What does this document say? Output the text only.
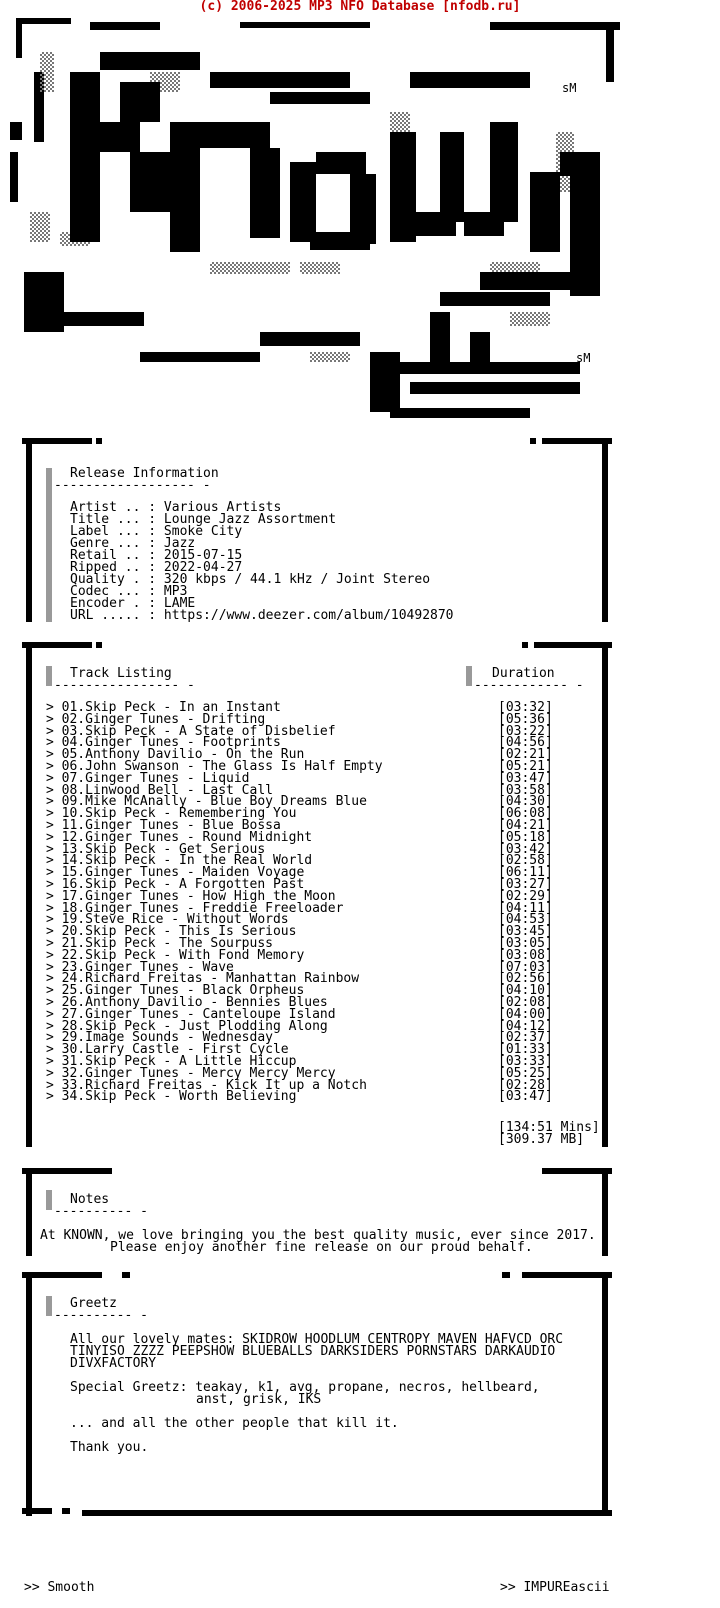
(c) 2006-2025 MP3 NFO Database [nfodb.ru]
sM
sM
Release Information
------------------ -
Artist .. : Various Artists
Title ... : Lounge Jazz Assortment
Label ... : Smoke City
Genre ... : Jazz
Retail .. : 2015-07-15
Ripped .. : 2022-04-27
Quality . : 320 kbps / 44.1 kHz / Joint Stereo
Codec ... : MP3
Encoder . : LAME
URL ..... : https://www.deezer.com/album/10492870
Track Listing
---------------- -
Duration
------------ -
> 01.Skip Peck - In an Instant	[03:32]
> 02.Ginger Tunes - Drifting	[05:36]
> 03.Skip Peck - A State of Disbelief	[03:22]
> 04.Ginger Tunes - Footprints	[04:56]
> 05.Anthony Davilio - On the Run	[02:21]
> 06.John Swanson - The Glass Is Half Empty	[05:21]
> 07.Ginger Tunes - Liquid	[03:47]
> 08.Linwood Bell - Last Call	[03:58]
> 09.Mike McAnally - Blue Boy Dreams Blue	[04:30]
> 10.Skip Peck - Remembering You	[06:08]
> 11.Ginger Tunes - Blue Bossa	[04:21]
> 12.Ginger Tunes - Round Midnight	[05:18]
> 13.Skip Peck - Get Serious	[03:42]
> 14.Skip Peck - In the Real World	[02:58]
> 15.Ginger Tunes - Maiden Voyage	[06:11]
> 16.Skip Peck - A Forgotten Past	[03:27]
> 17.Ginger Tunes - How High the Moon	[02:29]
> 18.Ginger Tunes - Freddie Freeloader	[04:11]
> 19.Steve Rice - Without Words	[04:53]
> 20.Skip Peck - This Is Serious	[03:45]
> 21.Skip Peck - The Sourpuss	[03:05]
> 22.Skip Peck - With Fond Memory	[03:08]
> 23.Ginger Tunes - Wave	[07:03]
> 24.Richard Freitas - Manhattan Rainbow	[02:56]
> 25.Ginger Tunes - Black Orpheus	[04:10]
> 26.Anthony Davilio - Bennies Blues	[02:08]
> 27.Ginger Tunes - Canteloupe Island	[04:00]
> 28.Skip Peck - Just Plodding Along	[04:12]
> 29.Image Sounds - Wednesday	[02:37]
> 30.Larry Castle - First Cycle	[01:33]
> 31.Skip Peck - A Little Hiccup	[03:33]
> 32.Ginger Tunes - Mercy Mercy Mercy	[05:25]
> 33.Richard Freitas - Kick It up a Notch	[02:28]
> 34.Skip Peck - Worth Believing	[03:47]
[134:51 Mins]
[309.37 MB]
Notes
---------- -
At KNOWN, we love bringing you the best quality music, ever since 2017.
Please enjoy another fine release on our proud behalf.
Greetz
---------- -
All our lovely mates: SKIDROW HOODLUM CENTROPY MAVEN HAFVCD ORC
TINYISO ZZZZ PEEPSHOW BLUEBALLS DARKSIDERS PORNSTARS DARKAUDIO
DIVXFACTORY
Special Greetz: teakay, k1, avg, propane, necros, hellbeard,
anst, grisk, IKS
... and all the other people that kill it.
Thank you.
>> Smooth	>> IMPUREascii
